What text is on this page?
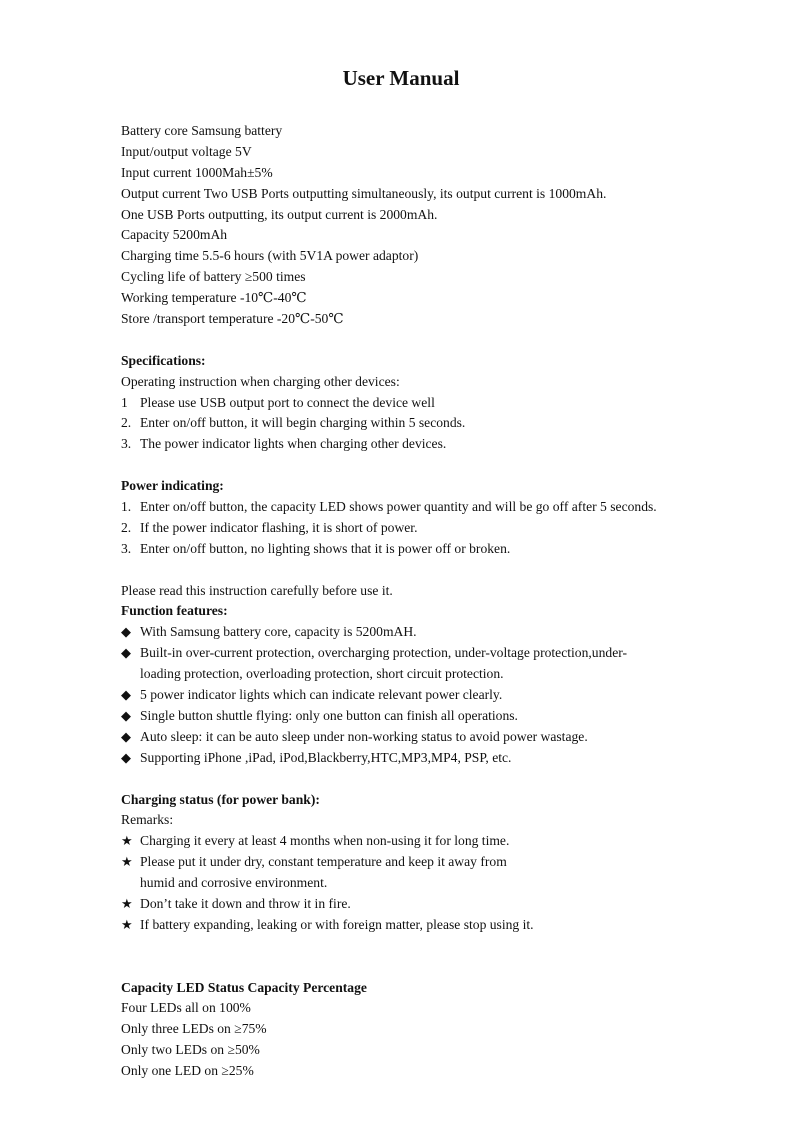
User Manual
Battery core Samsung battery
Input/output voltage 5V
Input current 1000Mah±5%
Output current Two USB Ports outputting simultaneously, its output current is 1000mAh.
One USB Ports outputting, its output current is 2000mAh.
Capacity 5200mAh
Charging time 5.5-6 hours (with 5V1A power adaptor)
Cycling life of battery ≥500 times
Working temperature -10℃-40℃
Store /transport temperature -20℃-50℃
Specifications:
Operating instruction when charging other devices:
1 Please use USB output port to connect the device well
2. Enter on/off button, it will begin charging within 5 seconds.
3. The power indicator lights when charging other devices.
Power indicating:
1. Enter on/off button, the capacity LED shows power quantity and will be go off after 5 seconds.
2. If the power indicator flashing, it is short of power.
3. Enter on/off button, no lighting shows that it is power off or broken.
Please read this instruction carefully before use it.
Function features:
◆ With Samsung battery core, capacity is 5200mAH.
◆ Built-in over-current protection, overcharging protection, under-voltage protection,under-
loading protection, overloading protection, short circuit protection.
◆ 5 power indicator lights which can indicate relevant power clearly.
◆ Single button shuttle flying: only one button can finish all operations.
◆ Auto sleep: it can be auto sleep under non-working status to avoid power wastage.
◆ Supporting iPhone ,iPad, iPod,Blackberry,HTC,MP3,MP4, PSP, etc.
Charging status (for power bank):
Remarks:
★ Charging it every at least 4 months when non-using it for long time.
★ Please put it under dry, constant temperature and keep it away from
humid and corrosive environment.
★ Don’t take it down and throw it in fire.
★ If battery expanding, leaking or with foreign matter, please stop using it.
Capacity LED Status Capacity Percentage
Four LEDs all on 100%
Only three LEDs on ≥75%
Only two LEDs on ≥50%
Only one LED on ≥25%
